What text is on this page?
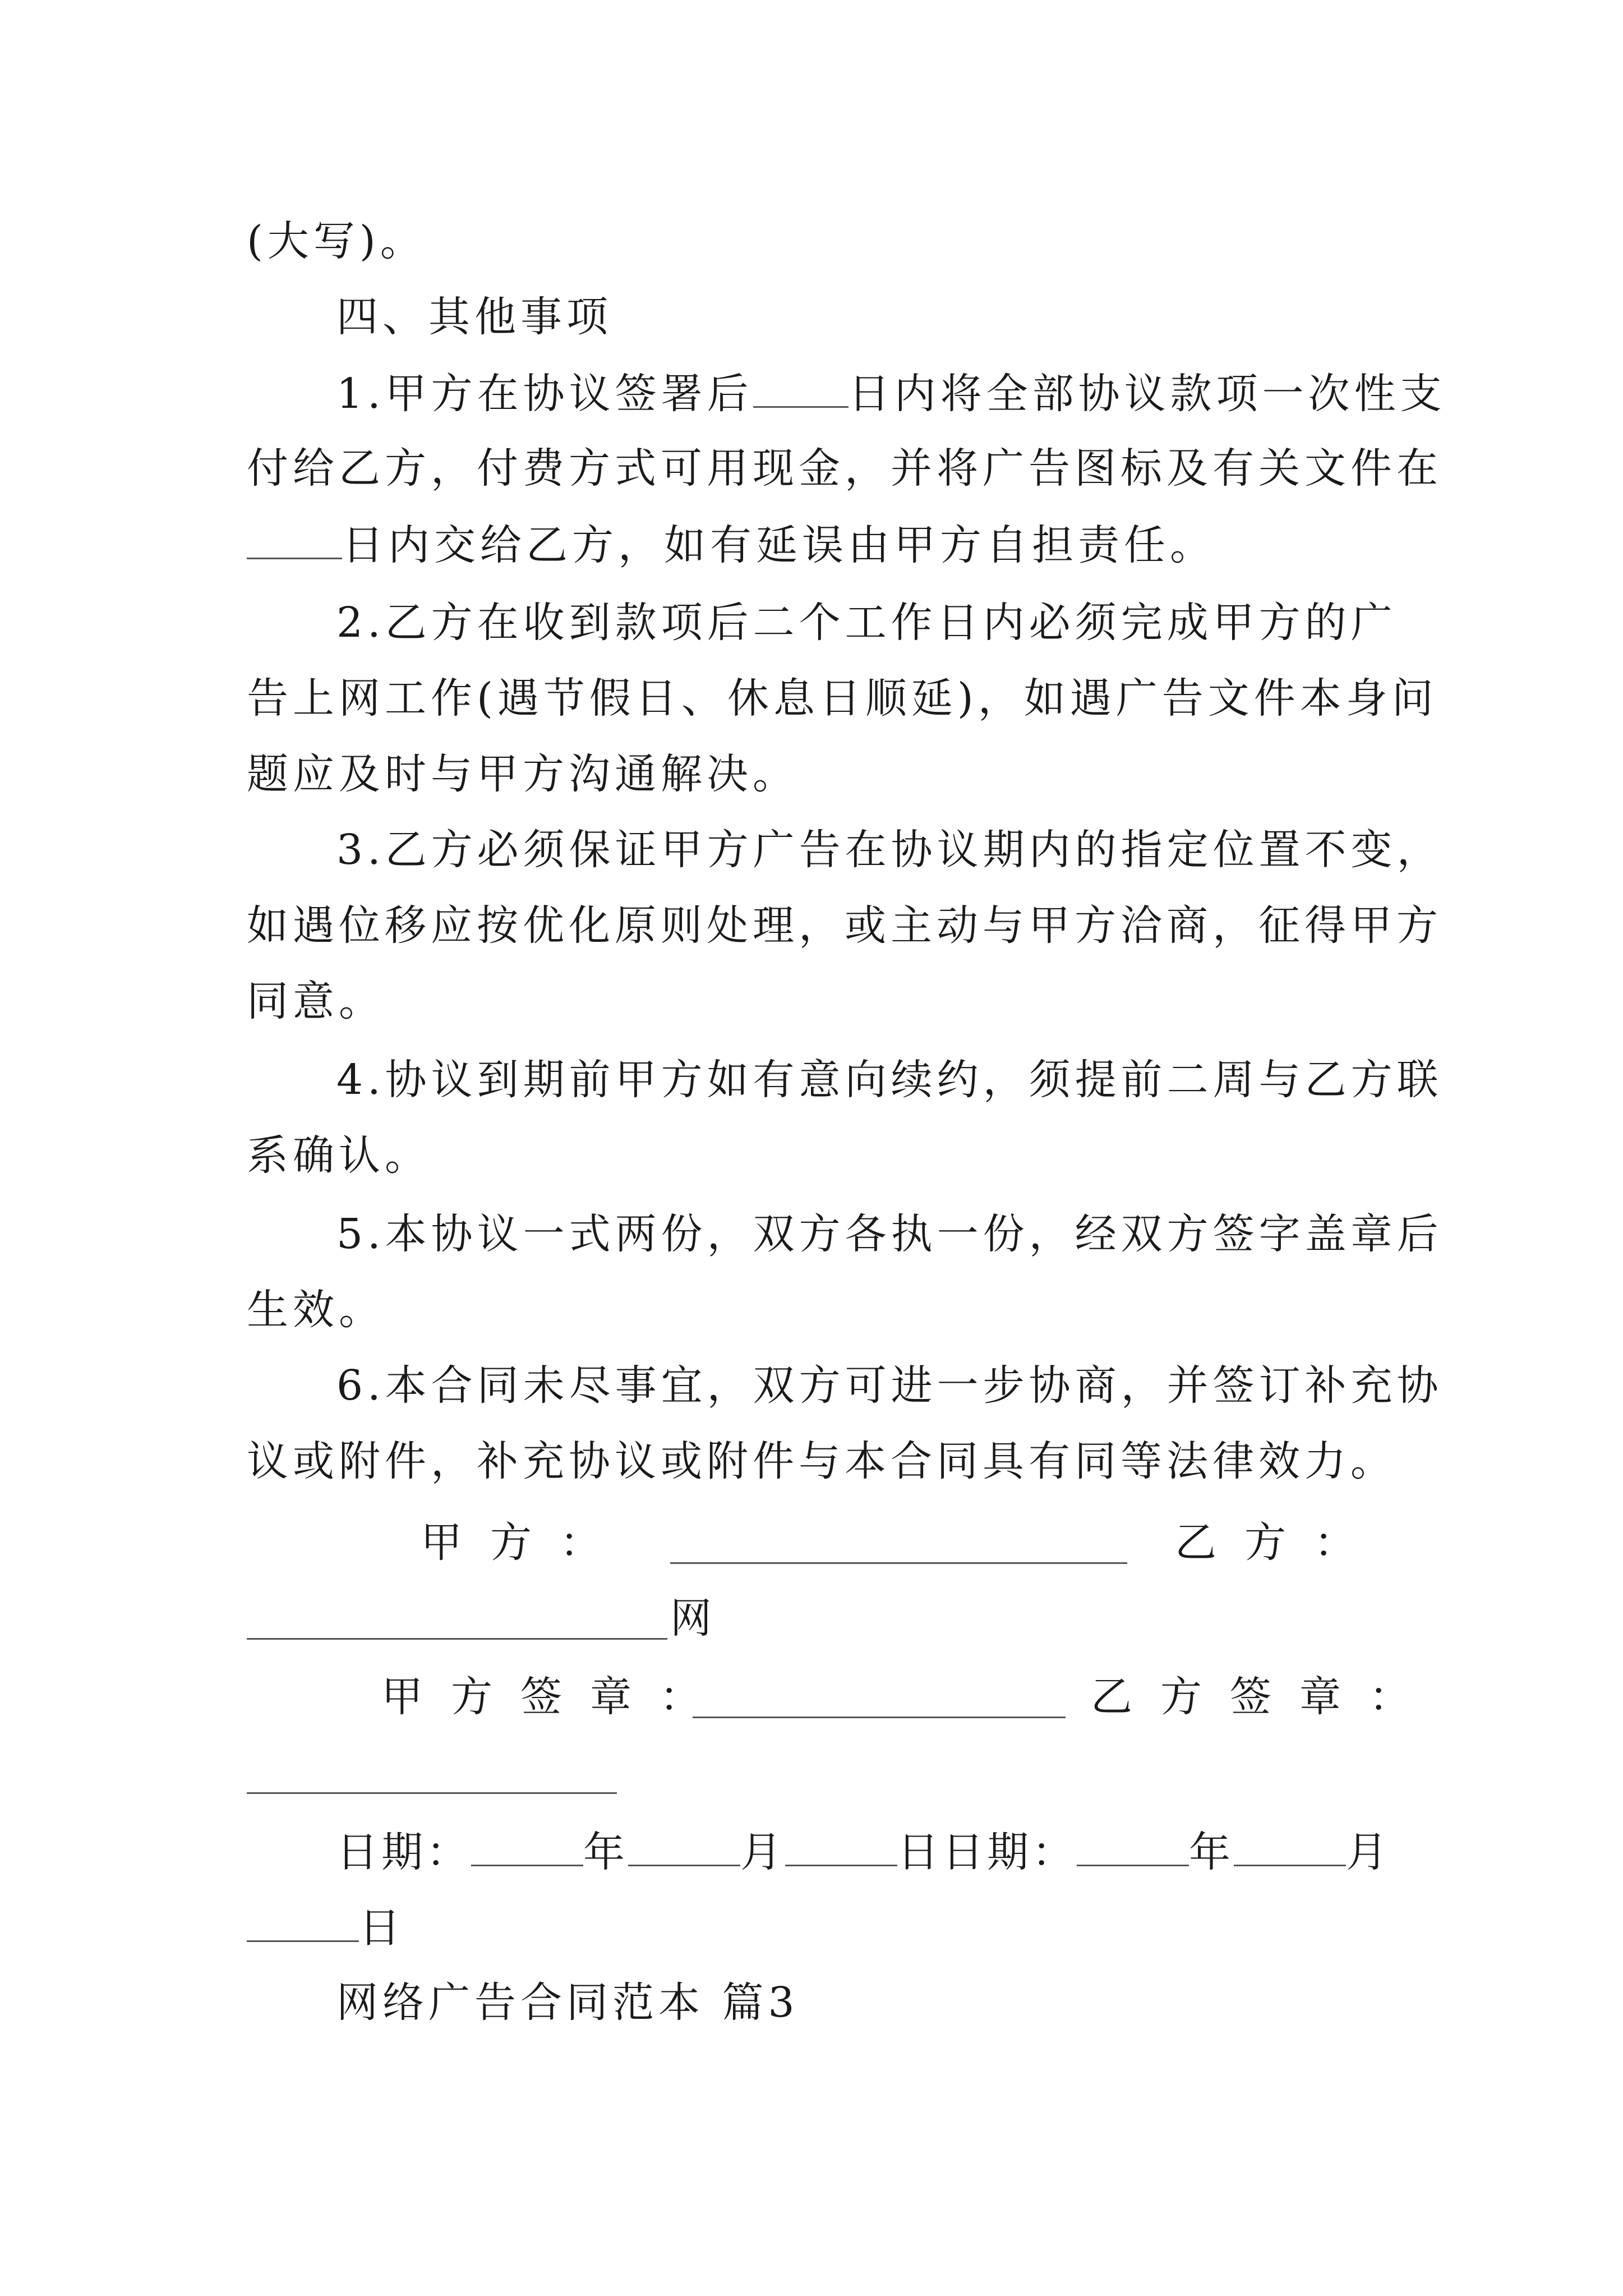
(大写)。
四、其他事项
1.甲方在协议签署后 日内将全部协议款项一次性支
付给乙方，付费方式可用现金，并将广告图标及有关文件在
日内交给乙方，如有延误由甲方自担责任。
2.乙方在收到款项后二个工作日内必须完成甲方的广
告上网工作(遇节假日、休息日顺延)，如遇广告文件本身问
题应及时与甲方沟通解决。
3.乙方必须保证甲方广告在协议期内的指定位置不变，
如遇位移应按优化原则处理，或主动与甲方洽商，征得甲方
同意。
4.协议到期前甲方如有意向续约，须提前二周与乙方联
系确认。
5.本协议一式两份，双方各执一份，经双方签字盖章后
生效。
6.本合同未尽事宜，双方可进一步协商，并签订补充协
议或附件，补充协议或附件与本合同具有同等法律效力。
甲方：	乙方：
网
甲方签章：	乙方签章：
日期：	年	月	日日期：	年	月
日
网络广告合同范本 篇3
